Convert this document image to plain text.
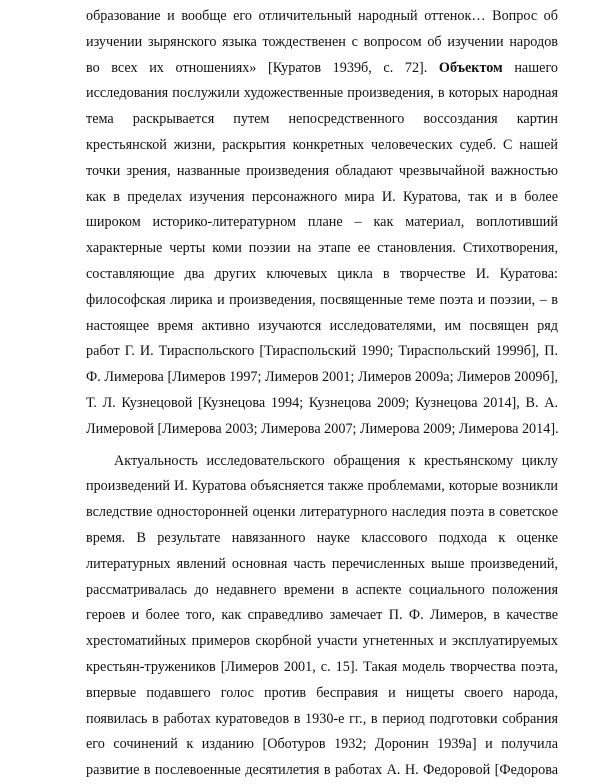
образование и вообще его отличительный народный оттенок… Вопрос об
изучении зырянского языка тождественен с вопросом об изучении народов
во всех их отношениях» [Куратов 1939б, с. 72]. Объектом нашего
исследования послужили художественные произведения, в которых народная
тема раскрывается путем непосредственного воссоздания картин
крестьянской жизни, раскрытия конкретных человеческих судеб. С нашей
точки зрения, названные произведения обладают чрезвычайной важностью
как в пределах изучения персонажного мира И. Куратова, так и в более
широком историко-литературном плане – как материал, воплотивший
характерные черты коми поэзии на этапе ее становления. Стихотворения,
составляющие два других ключевых цикла в творчестве И. Куратова:
философская лирика и произведения, посвященные теме поэта и поэзии, – в
настоящее время активно изучаются исследователями, им посвящен ряд
работ Г. И. Тираспольского [Тираспольский 1990; Тираспольский 1999б], П.
Ф. Лимерова [Лимеров 1997; Лимеров 2001; Лимеров 2009а; Лимеров 2009б],
Т. Л. Кузнецовой [Кузнецова 1994; Кузнецова 2009; Кузнецова 2014], В. А.
Лимеровой [Лимерова 2003; Лимерова 2007; Лимерова 2009; Лимерова 2014].
Актуальность исследовательского обращения к крестьянскому циклу
произведений И. Куратова объясняется также проблемами, которые возникли
вследствие односторонней оценки литературного наследия поэта в советское
время. В результате навязанного науке классового подхода к оценке
литературных явлений основная часть перечисленных выше произведений,
рассматривалась до недавнего времени в аспекте социального положения
героев и более того, как справедливо замечает П. Ф. Лимеров, в качестве
хрестоматийных примеров скорбной участи угнетенных и эксплуатируемых
крестьян-тружеников [Лимеров 2001, с. 15]. Такая модель творчества поэта,
впервые подавшего голос против бесправия и нищеты своего народа,
появилась в работах куратоведов в 1930-е гг., в период подготовки собрания
его сочинений к изданию [Оботуров 1932; Доронин 1939а] и получила
развитие в послевоенные десятилетия в работах А. Н. Федоровой [Федорова
